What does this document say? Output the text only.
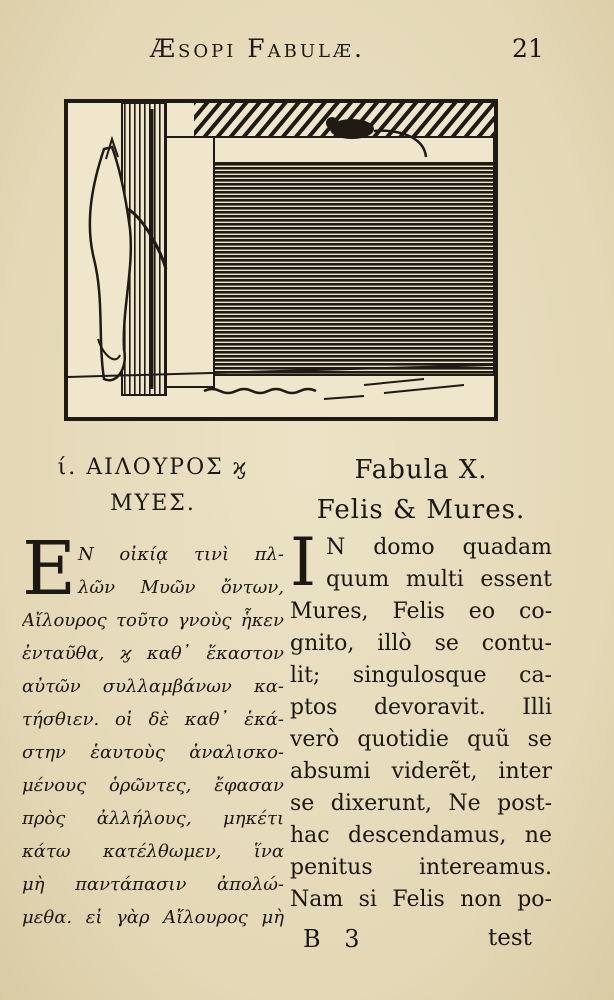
Æsopi Fabulæ.	21
ί. ΑΙΛΟΥΡΟΣ ϗ
ΜΥΕΣ.
Ε Ν οἰκίᾳ τινὶ πλ-
λῶν Μυῶν ὄντων,
Αἴλουρος τοῦτο γνοὺς ἧκεν
ἐνταῦθα, ϗ καθ᾿ ἕκαστον
αὐτῶν συλλαμβάνων κα-
τήσθιεν. οἱ δὲ καθ᾿ ἑκά-
στην ἑαυτοὺς ἀναλισκο-
μένους ὁρῶντες, ἔφασαν
πρὸς ἀλλήλους, μηκέτι
κάτω κατέλθωμεν, ἵνα
μὴ παντάπασιν ἀπολώ-
μεθα. εἰ γὰρ Αἴλουρος μὴ
Fabula X.
Felis & Mures.
I N domo quadam
quum multi essent
Mures, Felis eo co-
gnito, illò se contu-
lit; singulosque ca-
ptos devoravit. Illi
verò quotidie quũ se
absumi viderẽt, inter
se dixerunt, Ne post-
hac descendamus, ne
penitus intereamus.
Nam si Felis non po-
B 3	test
